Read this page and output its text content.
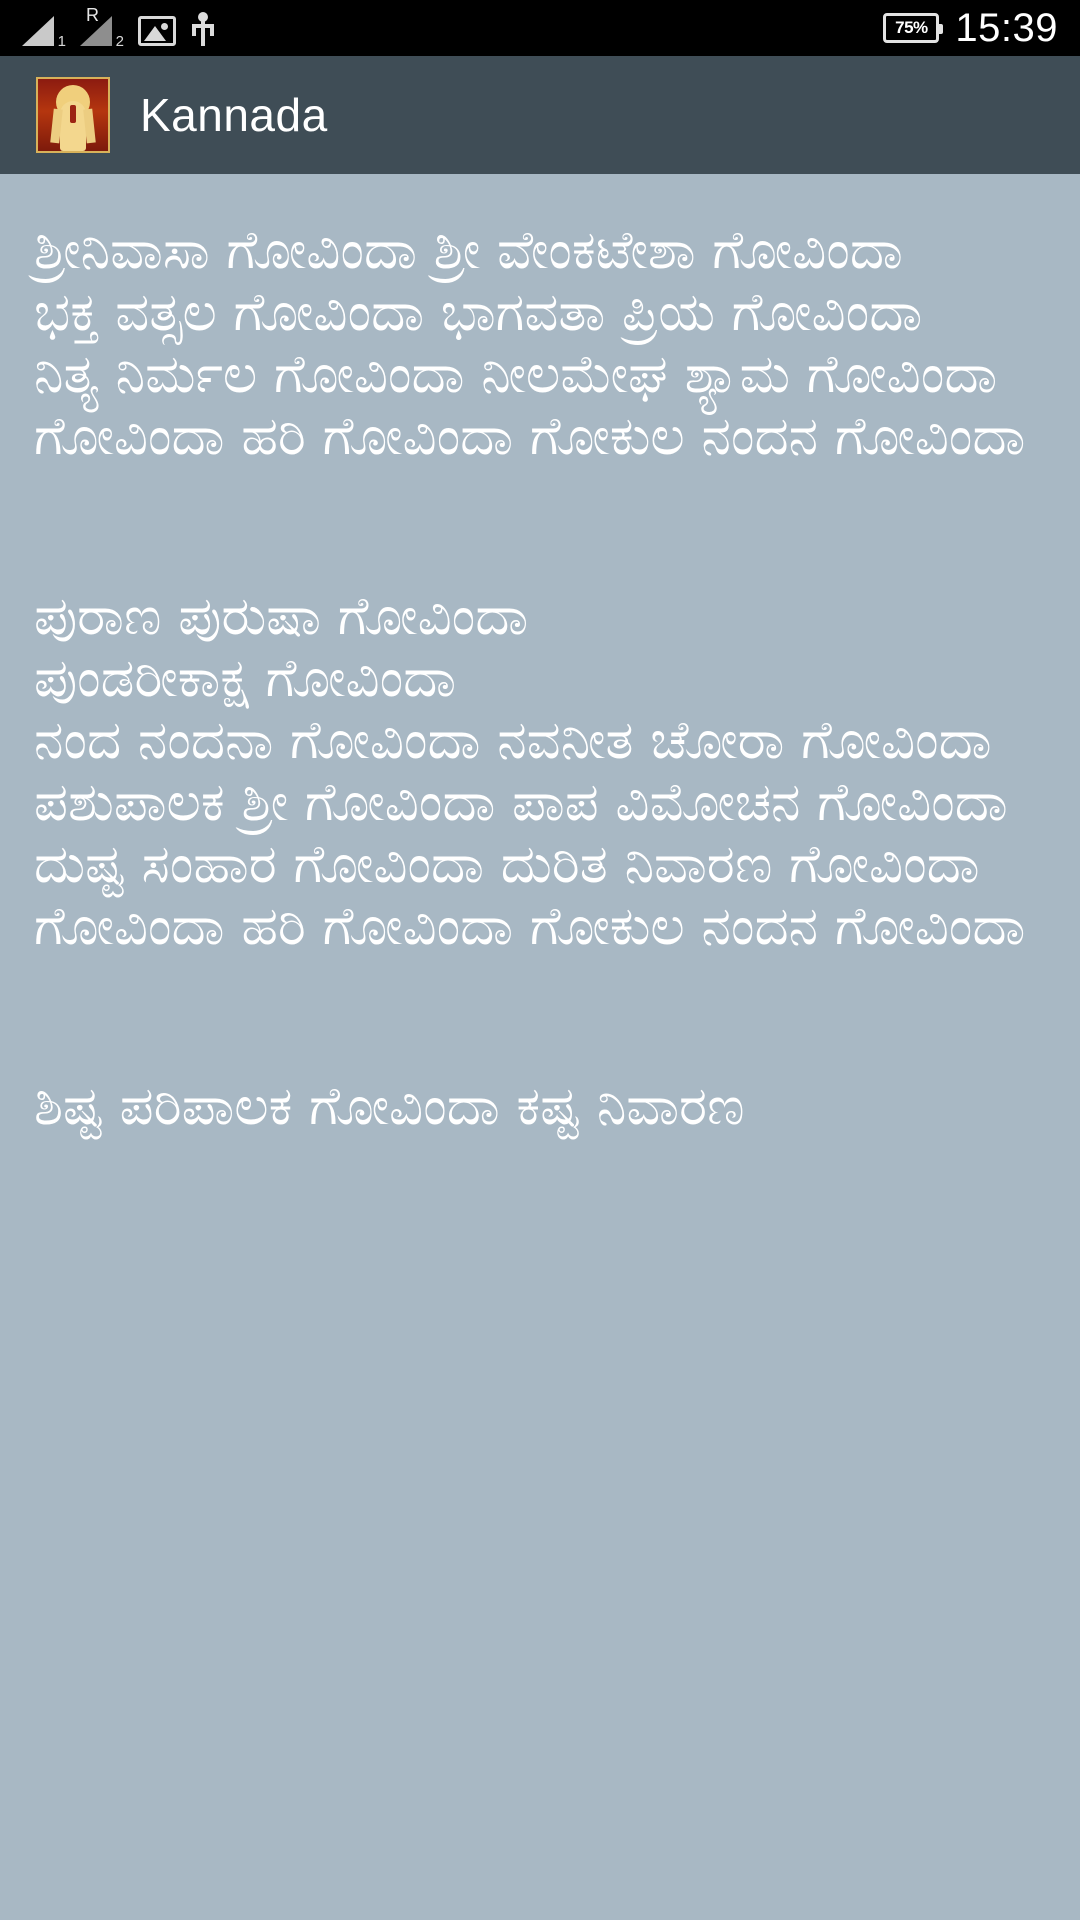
1
R
2
75% 15:39
Kannada

ಶ್ರೀನಿವಾಸಾ ಗೋವಿಂದಾ ಶ್ರೀ ವೇಂಕಟೇಶಾ ಗೋವಿಂದಾ
ಭಕ್ತ ವತ್ಸಲ ಗೋವಿಂದಾ ಭಾಗವತಾ ಪ್ರಿಯ ಗೋವಿಂದಾ
ನಿತ್ಯ ನಿರ್ಮಲ ಗೋವಿಂದಾ ನೀಲಮೇಘ ಶ್ಯಾಮ ಗೋವಿಂದಾ
ಗೋವಿಂದಾ ಹರಿ ಗೋವಿಂದಾ ಗೋಕುಲ ನಂದನ ಗೋವಿಂದಾ

ಪುರಾಣ ಪುರುಷಾ ಗೋವಿಂದಾ
ಪುಂಡರೀಕಾಕ್ಷ ಗೋವಿಂದಾ
ನಂದ ನಂದನಾ ಗೋವಿಂದಾ ನವನೀತ ಚೋರಾ ಗೋವಿಂದಾ
ಪಶುಪಾಲಕ ಶ್ರೀ ಗೋವಿಂದಾ ಪಾಪ ವಿಮೋಚನ ಗೋವಿಂದಾ
ದುಷ್ಟ ಸಂಹಾರ ಗೋವಿಂದಾ ದುರಿತ ನಿವಾರಣ ಗೋವಿಂದಾ
ಗೋವಿಂದಾ ಹರಿ ಗೋವಿಂದಾ ಗೋಕುಲ ನಂದನ ಗೋವಿಂದಾ

ಶಿಷ್ಟ ಪರಿಪಾಲಕ ಗೋವಿಂದಾ ಕಷ್ಟ ನಿವಾರಣ
